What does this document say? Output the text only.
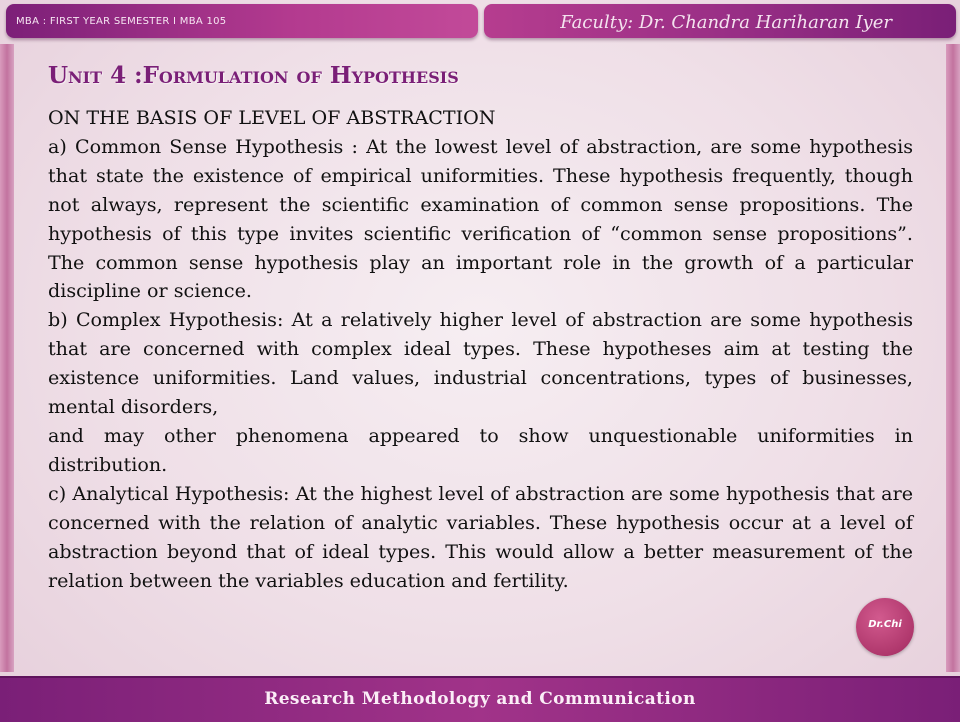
MBA : FIRST YEAR SEMESTER I MBA 105	Faculty: Dr. Chandra Hariharan Iyer
Unit 4 :Formulation of Hypothesis

ON THE BASIS OF LEVEL OF ABSTRACTION

a) Common Sense Hypothesis : At the lowest level of abstraction, are some hypothesis that state the existence of empirical uniformities. These hypothesis frequently, though not always, represent the scientific examination of common sense propositions. The hypothesis of this type invites scientific verification of “common sense propositions”. The common sense hypothesis play an important role in the growth of a particular discipline or science.

b) Complex Hypothesis: At a relatively higher level of abstraction are some hypothesis that are concerned with complex ideal types. These hypotheses aim at testing the existence uniformities. Land values, industrial concentrations, types of businesses, mental disorders,

and may other phenomena appeared to show unquestionable uniformities in distribution.

c) Analytical Hypothesis: At the highest level of abstraction are some hypothesis that are concerned with the relation of analytic variables. These hypothesis occur at a level of abstraction beyond that of ideal types. This would allow a better measurement of the relation between the variables education and fertility.

Dr.Chi
Research Methodology and Communication
